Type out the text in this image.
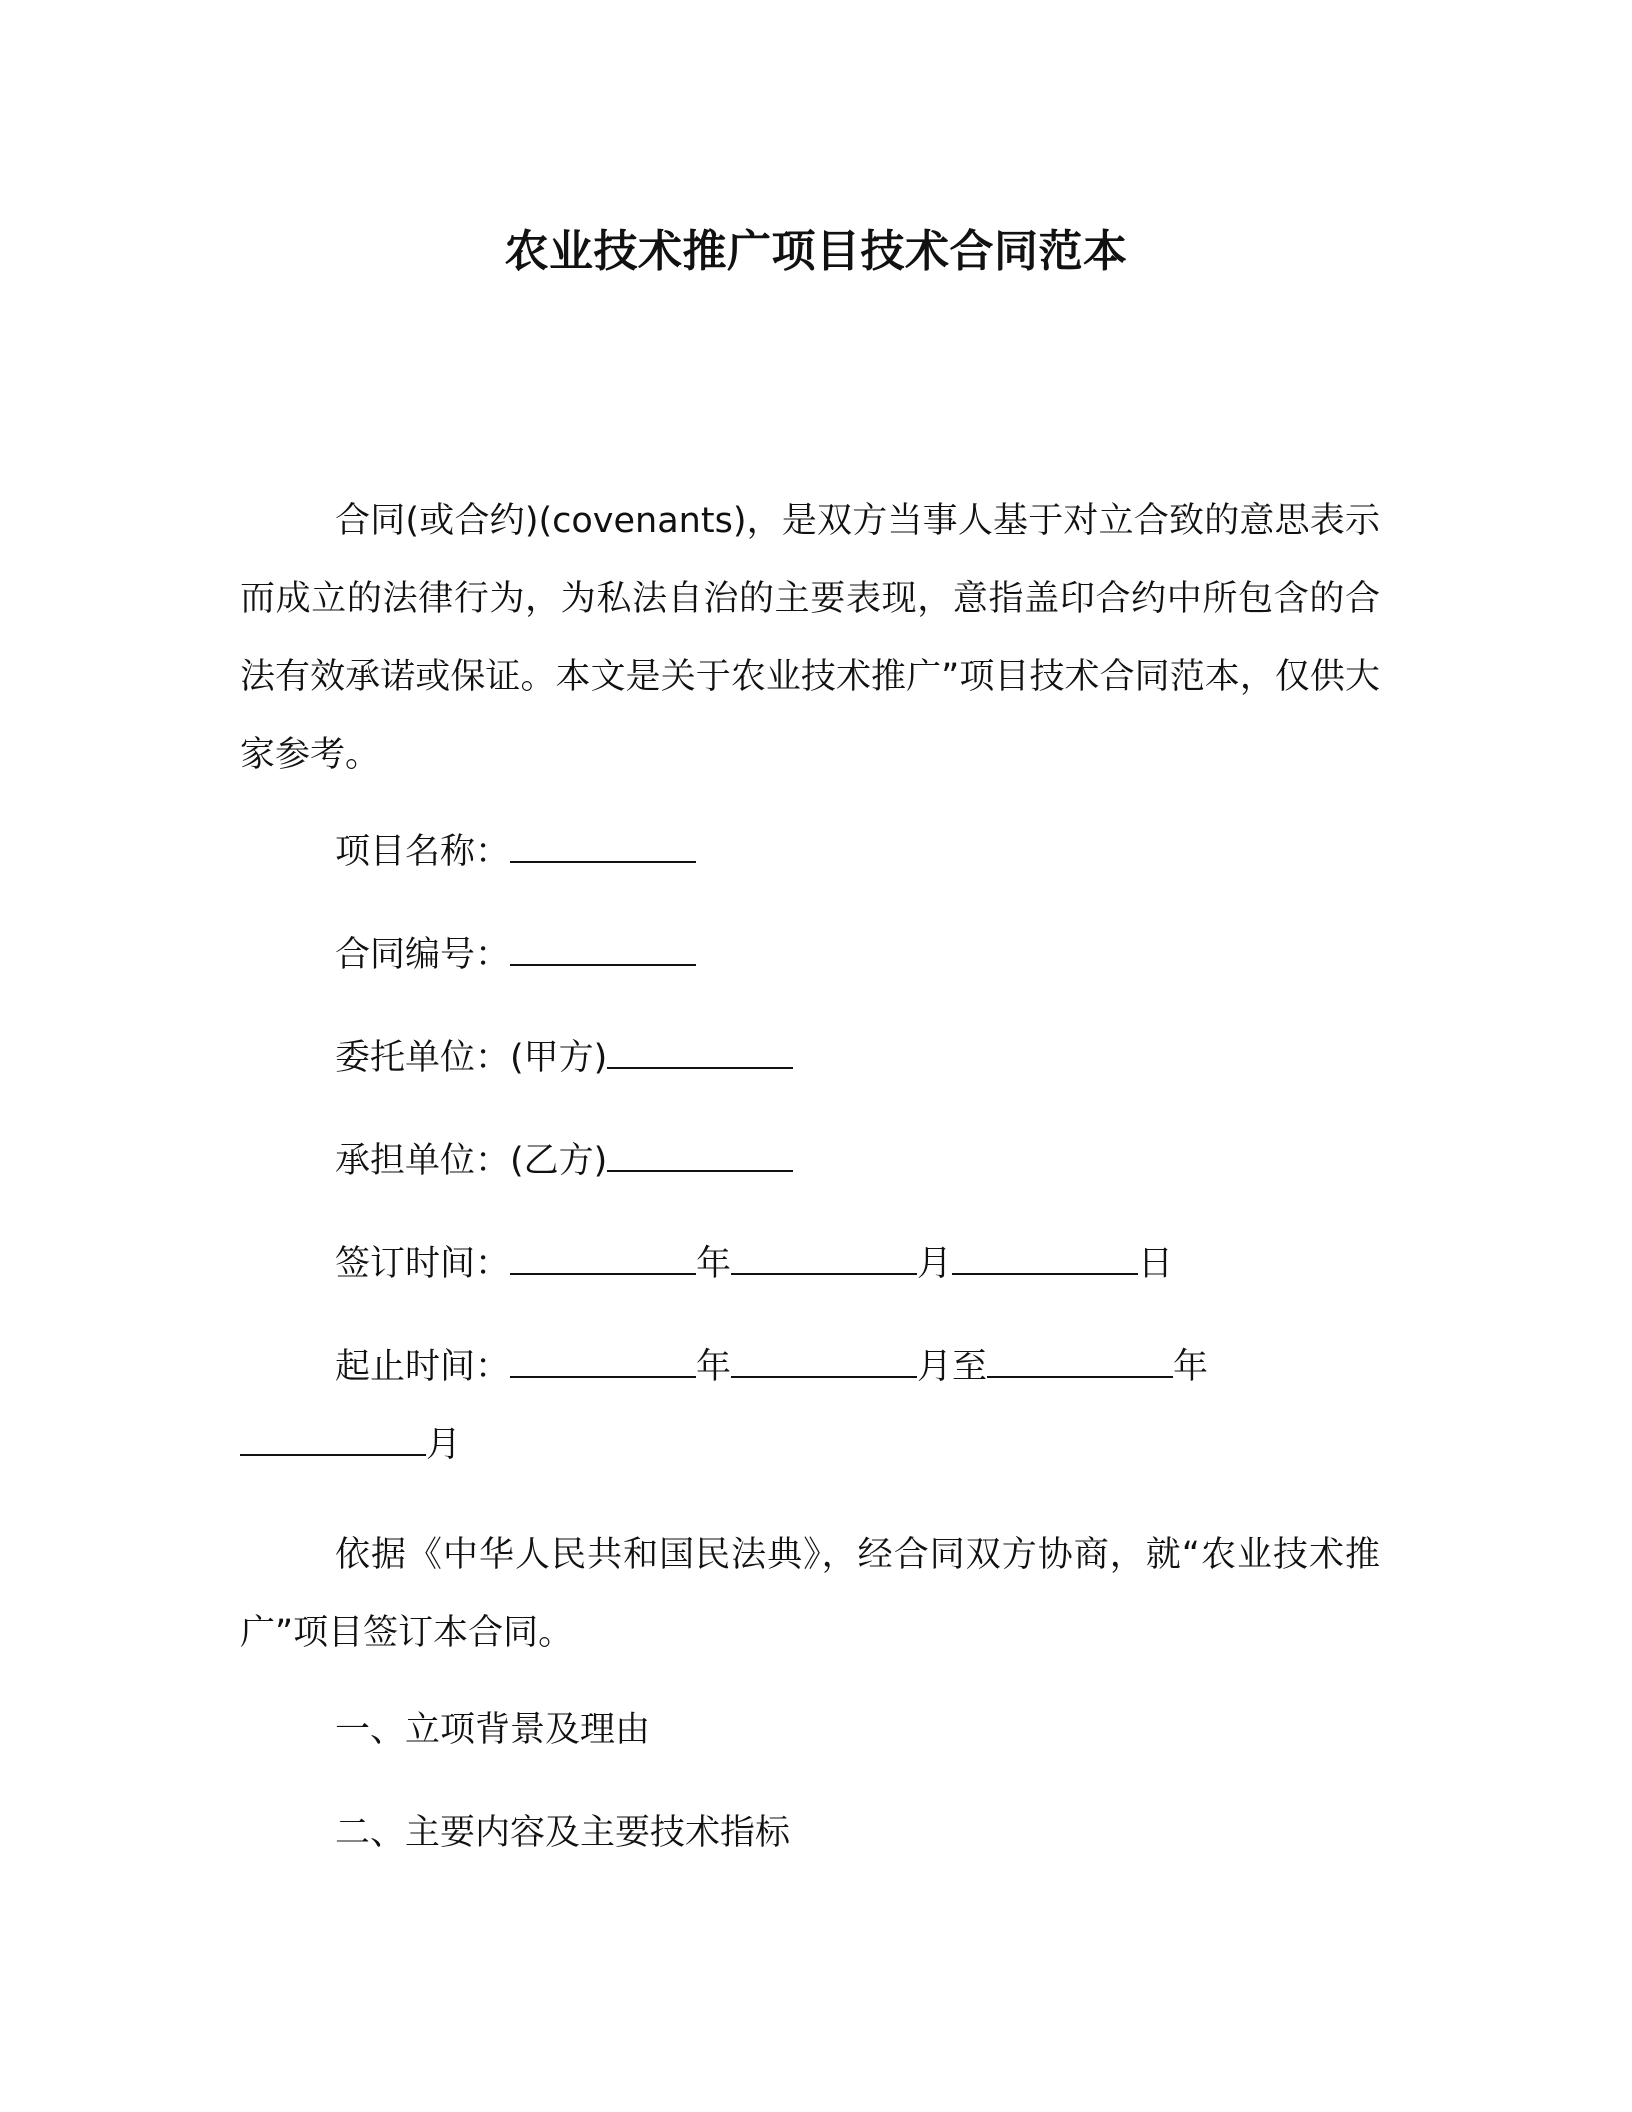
农业技术推广项目技术合同范本

合同(或合约)(covenants)，是双方当事人基于对立合致的意思表示而成立的法律行为，为私法自治的主要表现，意指盖印合约中所包含的合法有效承诺或保证。本文是关于农业技术推广”项目技术合同范本，仅供大家参考。

项目名称：
合同编号：
委托单位：(甲方)
承担单位：(乙方)
签订时间：	年	月	日
起止时间：	年	月至	年
月

依据《中华人民共和国民法典》，经合同双方协商，就“农业技术推广”项目签订本合同。

一、立项背景及理由
二、主要内容及主要技术指标
